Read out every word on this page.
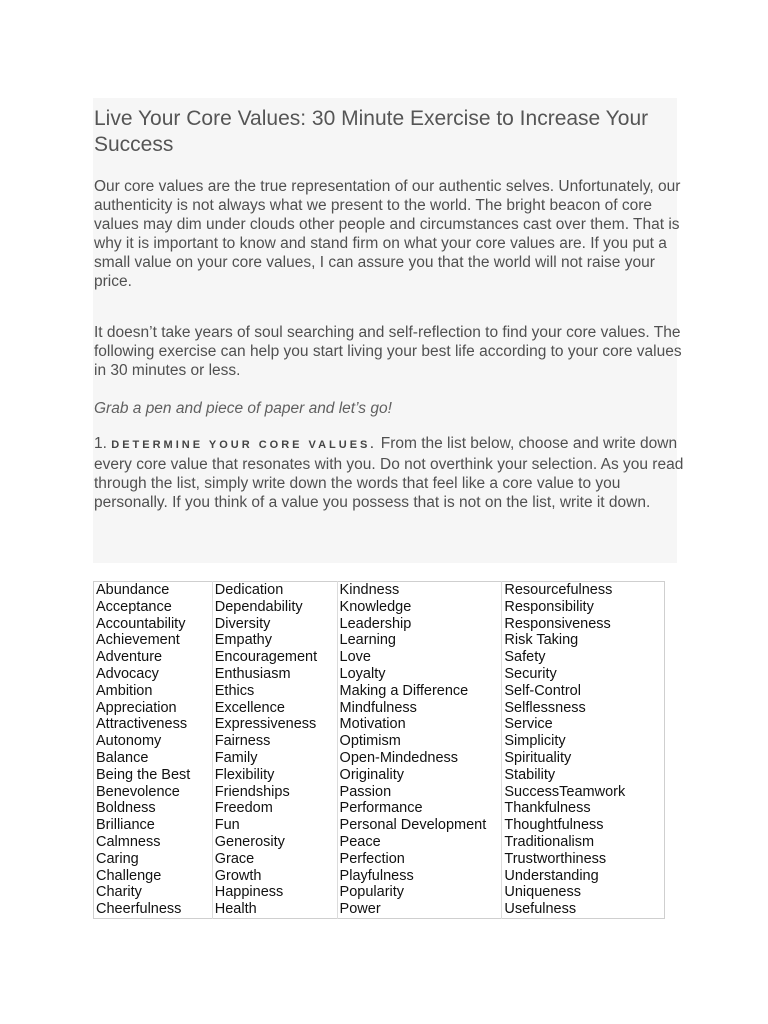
Live Your Core Values: 30 Minute Exercise to Increase Your Success

Our core values are the true representation of our authentic selves. Unfortunately, our authenticity is not always what we present to the world. The bright beacon of core values may dim under clouds other people and circumstances cast over them. That is why it is important to know and stand firm on what your core values are. If you put a small value on your core values, I can assure you that the world will not raise your price.

It doesn’t take years of soul searching and self-reflection to find your core values. The following exercise can help you start living your best life according to your core values in 30 minutes or less.

Grab a pen and piece of paper and let’s go!

1. DETERMINE YOUR CORE VALUES. From the list below, choose and write down every core value that resonates with you. Do not overthink your selection. As you read through the list, simply write down the words that feel like a core value to you personally. If you think of a value you possess that is not on the list, write it down.

Abundance	Dedication	Kindness	Resourcefulness
Acceptance	Dependability	Knowledge	Responsibility
Accountability	Diversity	Leadership	Responsiveness
Achievement	Empathy	Learning	Risk Taking
Adventure	Encouragement	Love	Safety
Advocacy	Enthusiasm	Loyalty	Security
Ambition	Ethics	Making a Difference	Self-Control
Appreciation	Excellence	Mindfulness	Selflessness
Attractiveness	Expressiveness	Motivation	Service
Autonomy	Fairness	Optimism	Simplicity
Balance	Family	Open-Mindedness	Spirituality
Being the Best	Flexibility	Originality	Stability
Benevolence	Friendships	Passion	SuccessTeamwork
Boldness	Freedom	Performance	Thankfulness
Brilliance	Fun	Personal Development	Thoughtfulness
Calmness	Generosity	Peace	Traditionalism
Caring	Grace	Perfection	Trustworthiness
Challenge	Growth	Playfulness	Understanding
Charity	Happiness	Popularity	Uniqueness
Cheerfulness	Health	Power	Usefulness
